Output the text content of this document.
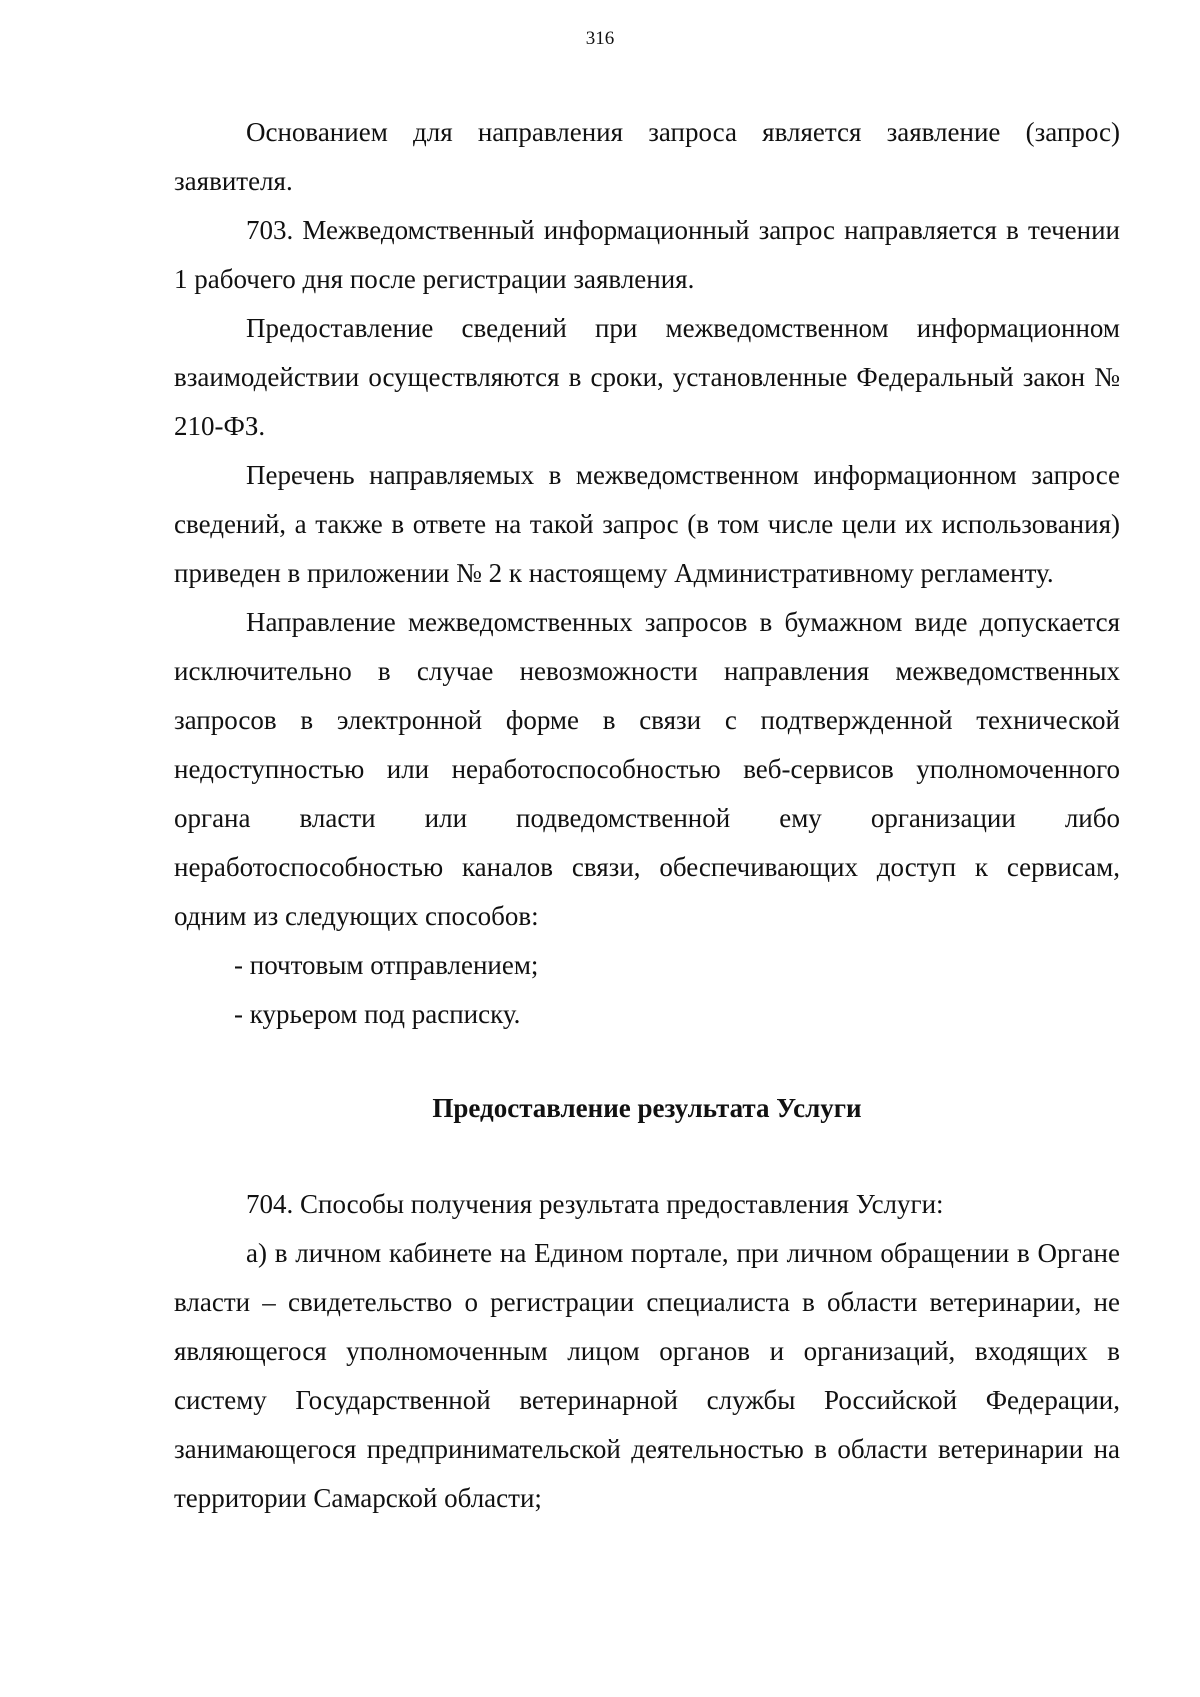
316

Основанием для направления запроса является заявление (запрос) заявителя.

703. Межведомственный информационный запрос направляется в течении 1 рабочего дня после регистрации заявления.

Предоставление сведений при межведомственном информационном взаимодействии осуществляются в сроки, установленные Федеральный закон № 210-ФЗ.

Перечень направляемых в межведомственном информационном запросе сведений, а также в ответе на такой запрос (в том числе цели их использования) приведен в приложении № 2 к настоящему Административному регламенту.

Направление межведомственных запросов в бумажном виде допускается исключительно в случае невозможности направления межведомственных запросов в электронной форме в связи с подтвержденной технической недоступностью или неработоспособностью веб-сервисов уполномоченного органа власти или подведомственной ему организации либо неработоспособностью каналов связи, обеспечивающих доступ к сервисам, одним из следующих способов:

- почтовым отправлением;

- курьером под расписку.

Предоставление результата Услуги

704. Способы получения результата предоставления Услуги:

а) в личном кабинете на Едином портале, при личном обращении в Органе власти – свидетельство о регистрации специалиста в области ветеринарии, не являющегося уполномоченным лицом органов и организаций, входящих в систему Государственной ветеринарной службы Российской Федерации, занимающегося предпринимательской деятельностью в области ветеринарии на территории Самарской области;
